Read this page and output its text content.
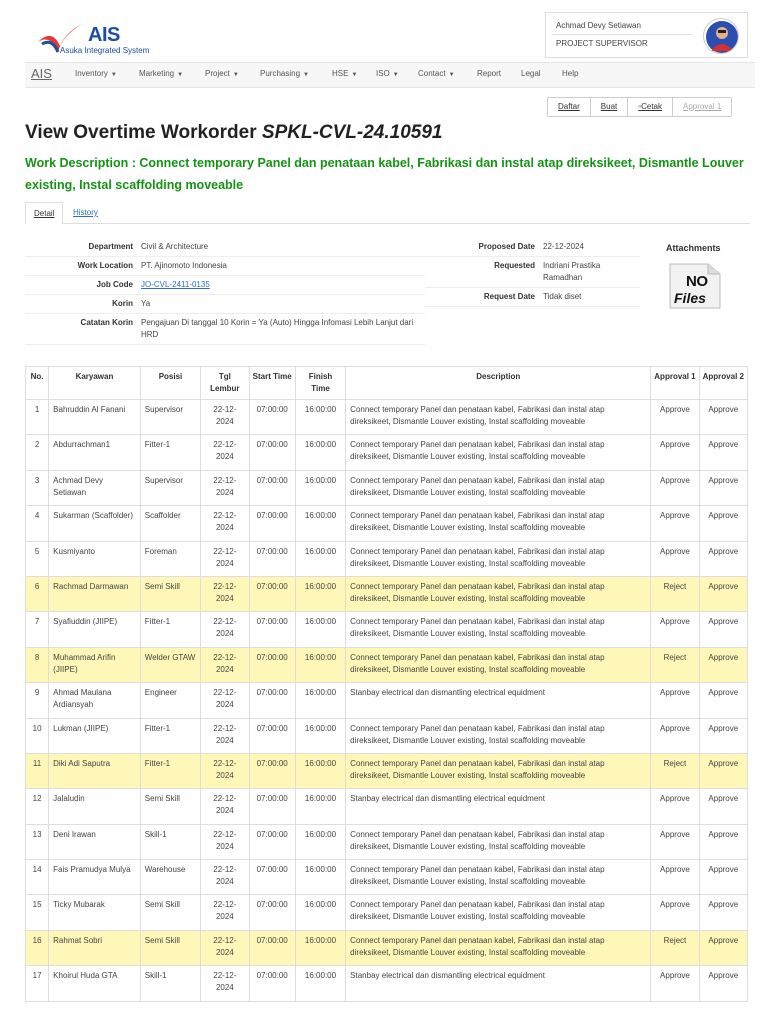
AIS
Asuka Integrated System
Achmad Devy Setiawan
PROJECT SUPERVISOR
AIS	Inventory ▼	Marketing ▼	Project ▼	Purchasing ▼	HSE ▼ ISO ▼ Contact ▼	Report Legal	Help
Daftar	Buat	▫Cetak	Approval 1
View Overtime Workorder SPKL-CVL-24.10591
Work Description : Connect temporary Panel dan penataan kabel, Fabrikasi dan instal atap direksikeet, Dismantle Louver existing, Instal scaffolding moveable
Detail	History
Department	Civil & Architecture
Work Location	PT. Ajinomoto Indonesia
Job Code	JO-CVL-2411-0135
Korin	Ya
Catatan Korin	Pengajuan Di tanggal 10 Korin = Ya (Auto) Hingga Infomasi Lebih Lanjut dari HRD
Proposed Date	22-12-2024
Requested	Indriani Prastika Ramadhan
Request Date	Tidak diset
Attachments
NO
Files
No.	Karyawan	Posisi	Tgl Lembur	Start Time	Finish Time	Description	Approval 1	Approval 2
1	Bahruddin Al Fanani	Supervisor	22-12-2024	07:00:00	16:00:00	Connect temporary Panel dan penataan kabel, Fabrikasi dan instal atap direksikeet, Dismantle Louver existing, Instal scaffolding moveable	Approve	Approve
2	Abdurrachman1	Fitter-1	22-12-2024	07:00:00	16:00:00	Connect temporary Panel dan penataan kabel, Fabrikasi dan instal atap direksikeet, Dismantle Louver existing, Instal scaffolding moveable	Approve	Approve
3	Achmad Devy Setiawan	Supervisor	22-12-2024	07:00:00	16:00:00	Connect temporary Panel dan penataan kabel, Fabrikasi dan instal atap direksikeet, Dismantle Louver existing, Instal scaffolding moveable	Approve	Approve
4	Sukarman (Scaffolder)	Scaffolder	22-12-2024	07:00:00	16:00:00	Connect temporary Panel dan penataan kabel, Fabrikasi dan instal atap direksikeet, Dismantle Louver existing, Instal scaffolding moveable	Approve	Approve
5	Kusmiyanto	Foreman	22-12-2024	07:00:00	16:00:00	Connect temporary Panel dan penataan kabel, Fabrikasi dan instal atap direksikeet, Dismantle Louver existing, Instal scaffolding moveable	Approve	Approve
6	Rachmad Darmawan	Semi Skill	22-12-2024	07:00:00	16:00:00	Connect temporary Panel dan penataan kabel, Fabrikasi dan instal atap direksikeet, Dismantle Louver existing, Instal scaffolding moveable	Reject	Approve
7	Syafiuddin (JIIPE)	Fitter-1	22-12-2024	07:00:00	16:00:00	Connect temporary Panel dan penataan kabel, Fabrikasi dan instal atap direksikeet, Dismantle Louver existing, Instal scaffolding moveable	Approve	Approve
8	Muhammad Arifin (JIIPE)	Welder GTAW	22-12-2024	07:00:00	16:00:00	Connect temporary Panel dan penataan kabel, Fabrikasi dan instal atap direksikeet, Dismantle Louver existing, Instal scaffolding moveable	Reject	Approve
9	Ahmad Maulana Ardiansyah	Engineer	22-12-2024	07:00:00	16:00:00	Stanbay electrical dan dismantling electrical equidment	Approve	Approve
10	Lukman (JIIPE)	Fitter-1	22-12-2024	07:00:00	16:00:00	Connect temporary Panel dan penataan kabel, Fabrikasi dan instal atap direksikeet, Dismantle Louver existing, Instal scaffolding moveable	Approve	Approve
11	Diki Adi Saputra	Fitter-1	22-12-2024	07:00:00	16:00:00	Connect temporary Panel dan penataan kabel, Fabrikasi dan instal atap direksikeet, Dismantle Louver existing, Instal scaffolding moveable	Reject	Approve
12	Jalaludin	Semi Skill	22-12-2024	07:00:00	16:00:00	Stanbay electrical dan dismantling electrical equidment	Approve	Approve
13	Deni Irawan	Skill-1	22-12-2024	07:00:00	16:00:00	Connect temporary Panel dan penataan kabel, Fabrikasi dan instal atap direksikeet, Dismantle Louver existing, Instal scaffolding moveable	Approve	Approve
14	Fais Pramudya Mulya	Warehouse	22-12-2024	07:00:00	16:00:00	Connect temporary Panel dan penataan kabel, Fabrikasi dan instal atap direksikeet, Dismantle Louver existing, Instal scaffolding moveable	Approve	Approve
15	Ticky Mubarak	Semi Skill	22-12-2024	07:00:00	16:00:00	Connect temporary Panel dan penataan kabel, Fabrikasi dan instal atap direksikeet, Dismantle Louver existing, Instal scaffolding moveable	Approve	Approve
16	Rahmat Sobri	Semi Skill	22-12-2024	07:00:00	16:00:00	Connect temporary Panel dan penataan kabel, Fabrikasi dan instal atap direksikeet, Dismantle Louver existing, Instal scaffolding moveable	Reject	Approve
17	Khoirul Huda GTA	Skill-1	22-12-2024	07:00:00	16:00:00	Stanbay electrical dan dismantling electrical equidment	Approve	Approve
